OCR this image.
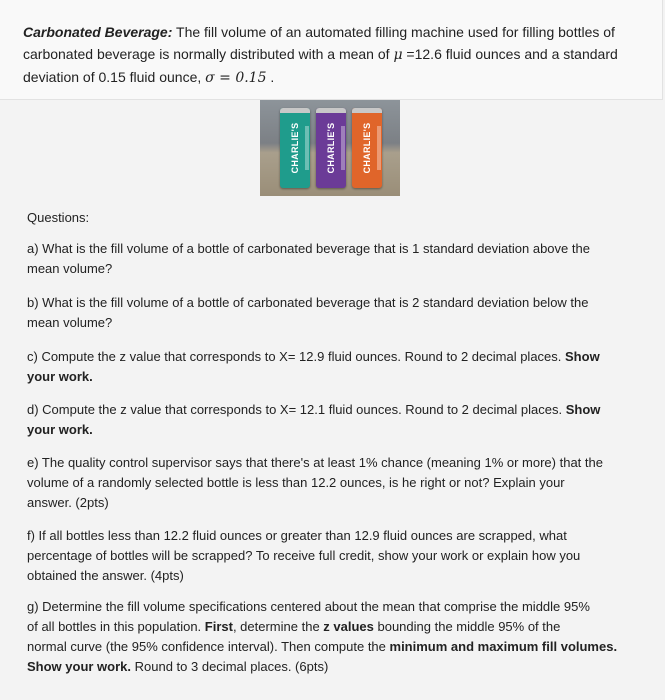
Carbonated Beverage: The fill volume of an automated filling machine used for filling bottles of
carbonated beverage is normally distributed with a mean of μ =12.6 fluid ounces and a standard
deviation of 0.15 fluid ounce, σ = 0.15 .
CHARLIE'S	CHARLIE'S	CHARLIE'S
Questions:
a) What is the fill volume of a bottle of carbonated beverage that is 1 standard deviation above the
mean volume?
b) What is the fill volume of a bottle of carbonated beverage that is 2 standard deviation below the
mean volume?
c) Compute the z value that corresponds to X= 12.9 fluid ounces. Round to 2 decimal places. Show
your work.
d) Compute the z value that corresponds to X= 12.1 fluid ounces. Round to 2 decimal places. Show
your work.
e) The quality control supervisor says that there's at least 1% chance (meaning 1% or more) that the
volume of a randomly selected bottle is less than 12.2 ounces, is he right or not? Explain your
answer. (2pts)
f) If all bottles less than 12.2 fluid ounces or greater than 12.9 fluid ounces are scrapped, what
percentage of bottles will be scrapped? To receive full credit, show your work or explain how you
obtained the answer. (4pts)
g) Determine the fill volume specifications centered about the mean that comprise the middle 95%
of all bottles in this population. First, determine the z values bounding the middle 95% of the
normal curve (the 95% confidence interval). Then compute the minimum and maximum fill volumes.
Show your work. Round to 3 decimal places. (6pts)
